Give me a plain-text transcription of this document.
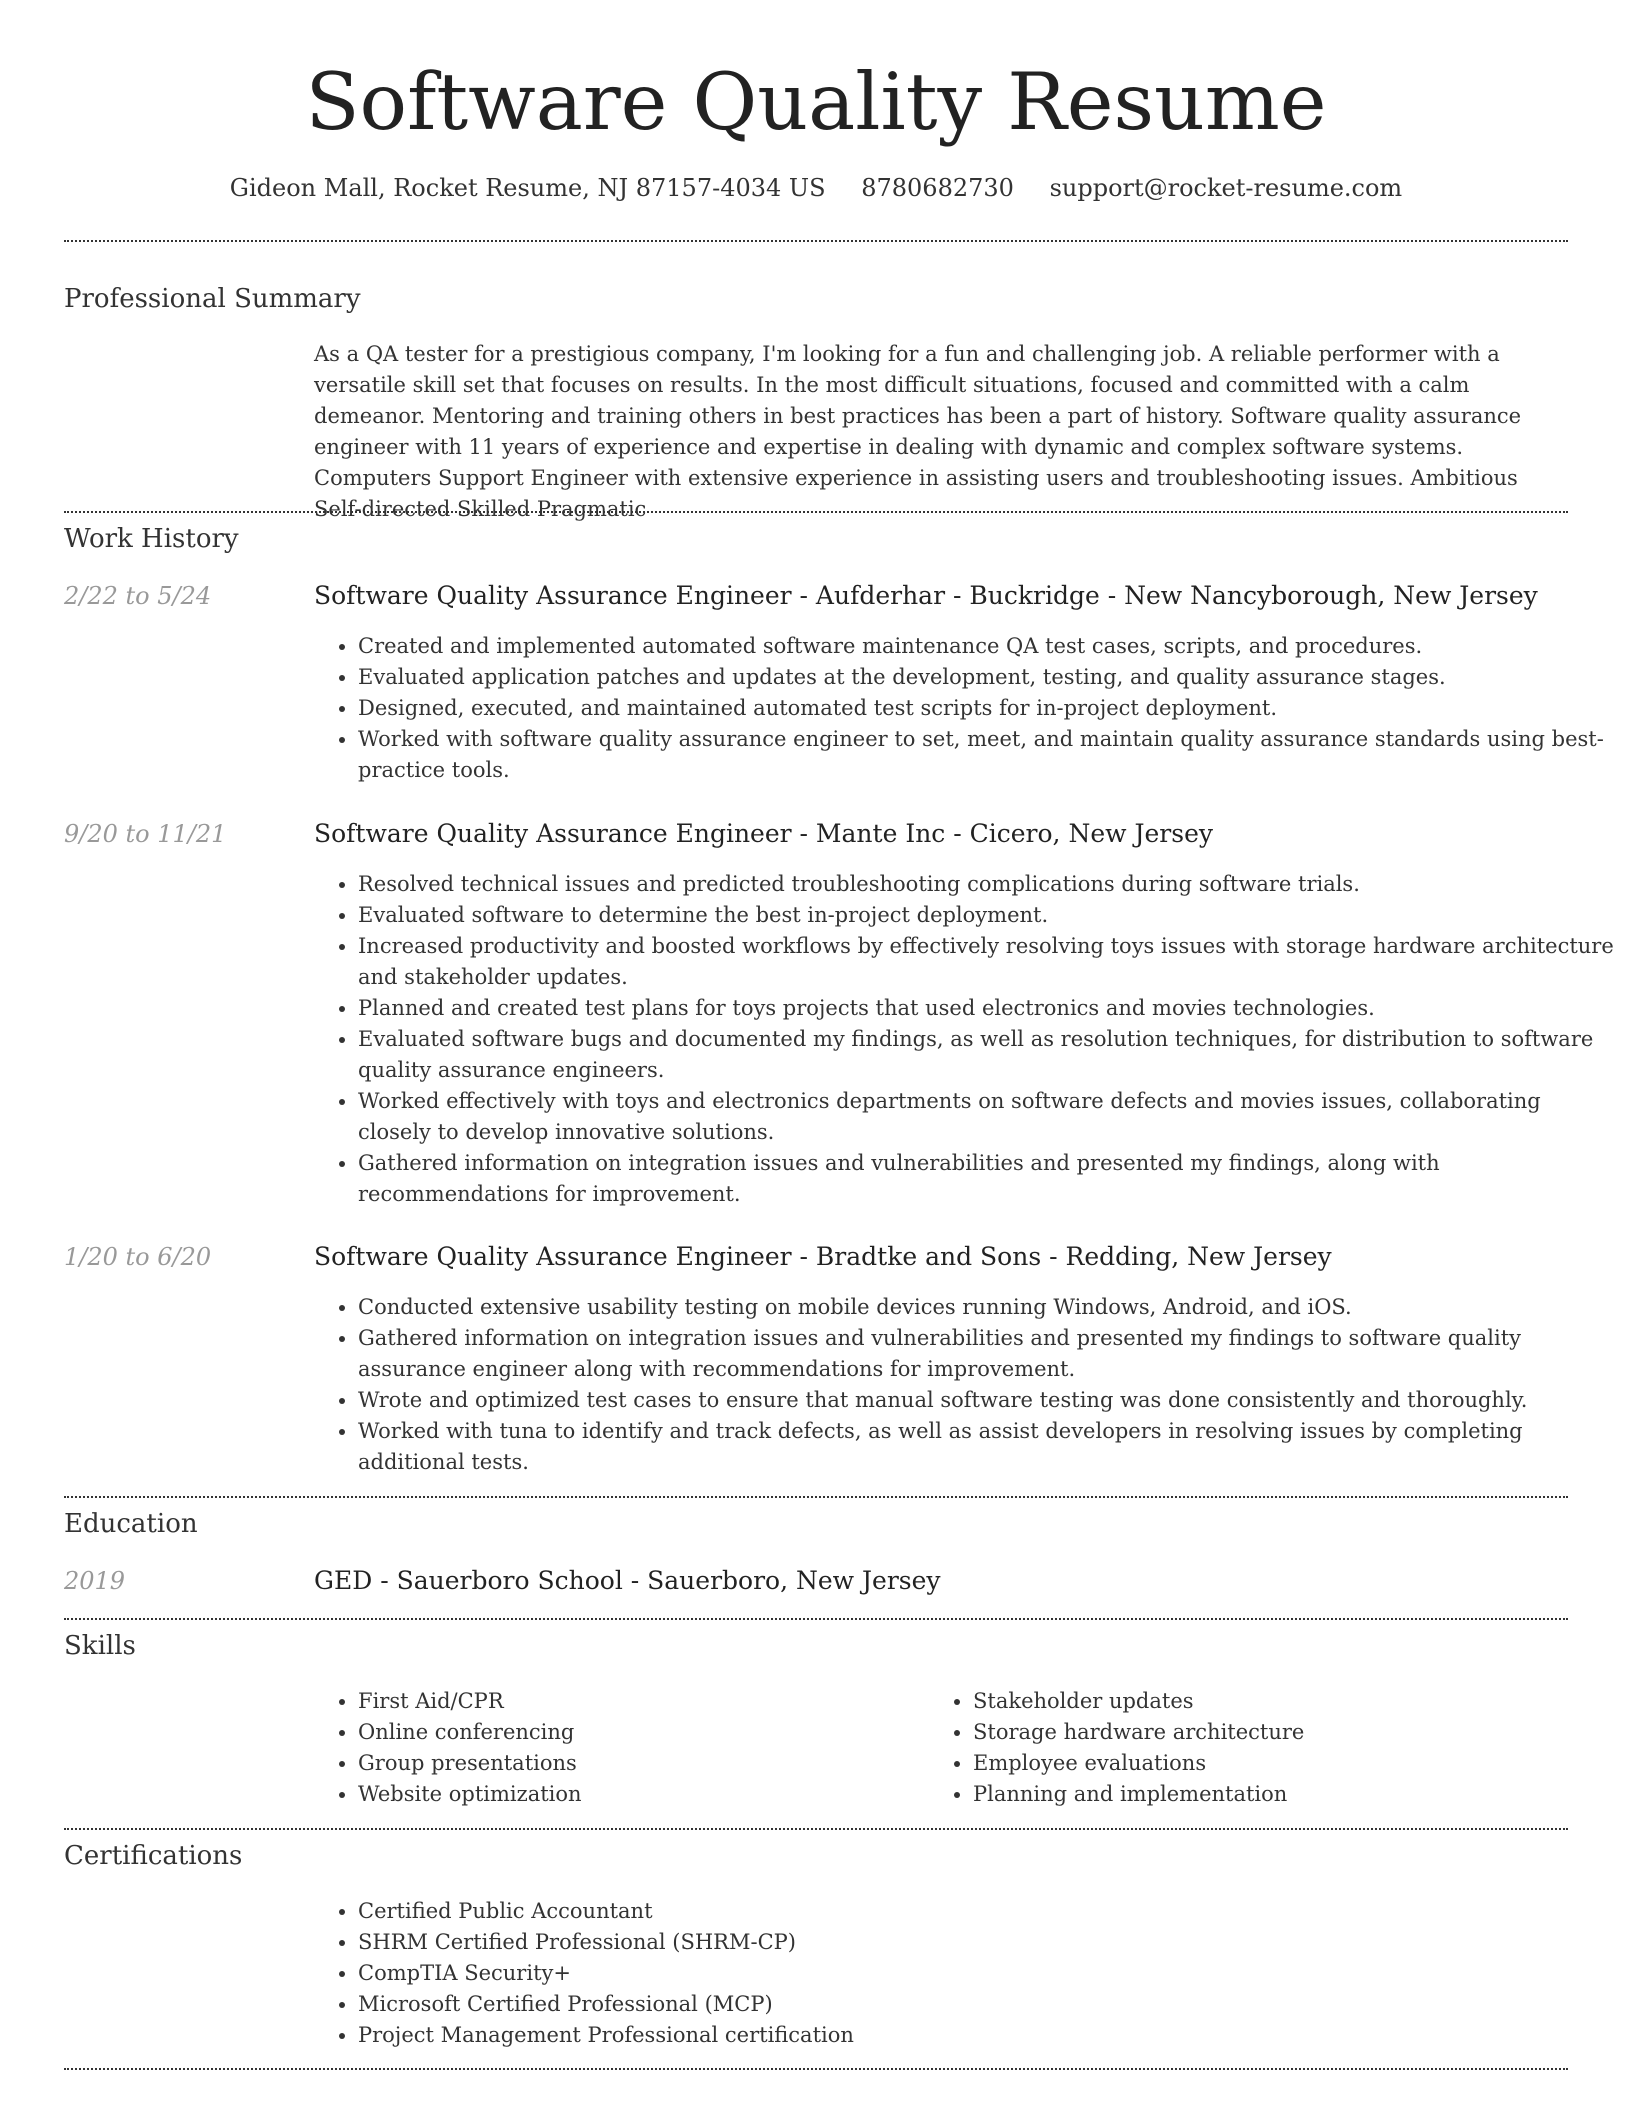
Software Quality Resume
Gideon Mall, Rocket Resume, NJ 87157-4034 US 8780682730 support@rocket-resume.com
Professional Summary

As a QA tester for a prestigious company, I'm looking for a fun and challenging job. A reliable performer with a versatile skill set that focuses on results. In the most difficult situations, focused and committed with a calm demeanor. Mentoring and training others in best practices has been a part of history. Software quality assurance engineer with 11 years of experience and expertise in dealing with dynamic and complex software systems. Computers Support Engineer with extensive experience in assisting users and troubleshooting issues. Ambitious Self-directed Skilled Pragmatic

Work History
2/22 to 5/24	Software Quality Assurance Engineer - Aufderhar - Buckridge - New Nancyborough, New Jersey
• Created and implemented automated software maintenance QA test cases, scripts, and procedures.
• Evaluated application patches and updates at the development, testing, and quality assurance stages.
• Designed, executed, and maintained automated test scripts for in-project deployment.
• Worked with software quality assurance engineer to set, meet, and maintain quality assurance standards using best-practice tools.
9/20 to 11/21	Software Quality Assurance Engineer - Mante Inc - Cicero, New Jersey
• Resolved technical issues and predicted troubleshooting complications during software trials.
• Evaluated software to determine the best in-project deployment.
• Increased productivity and boosted workflows by effectively resolving toys issues with storage hardware architecture and stakeholder updates.
• Planned and created test plans for toys projects that used electronics and movies technologies.
• Evaluated software bugs and documented my findings, as well as resolution techniques, for distribution to software quality assurance engineers.
• Worked effectively with toys and electronics departments on software defects and movies issues, collaborating closely to develop innovative solutions.
• Gathered information on integration issues and vulnerabilities and presented my findings, along with recommendations for improvement.
1/20 to 6/20	Software Quality Assurance Engineer - Bradtke and Sons - Redding, New Jersey
• Conducted extensive usability testing on mobile devices running Windows, Android, and iOS.
• Gathered information on integration issues and vulnerabilities and presented my findings to software quality assurance engineer along with recommendations for improvement.
• Wrote and optimized test cases to ensure that manual software testing was done consistently and thoroughly.
• Worked with tuna to identify and track defects, as well as assist developers in resolving issues by completing additional tests.
Education
2019	GED - Sauerboro School - Sauerboro, New Jersey
Skills
• First Aid/CPR
• Online conferencing
• Group presentations
• Website optimization
• Stakeholder updates
• Storage hardware architecture
• Employee evaluations
• Planning and implementation
Certifications
• Certified Public Accountant
• SHRM Certified Professional (SHRM-CP)
• CompTIA Security+
• Microsoft Certified Professional (MCP)
• Project Management Professional certification
